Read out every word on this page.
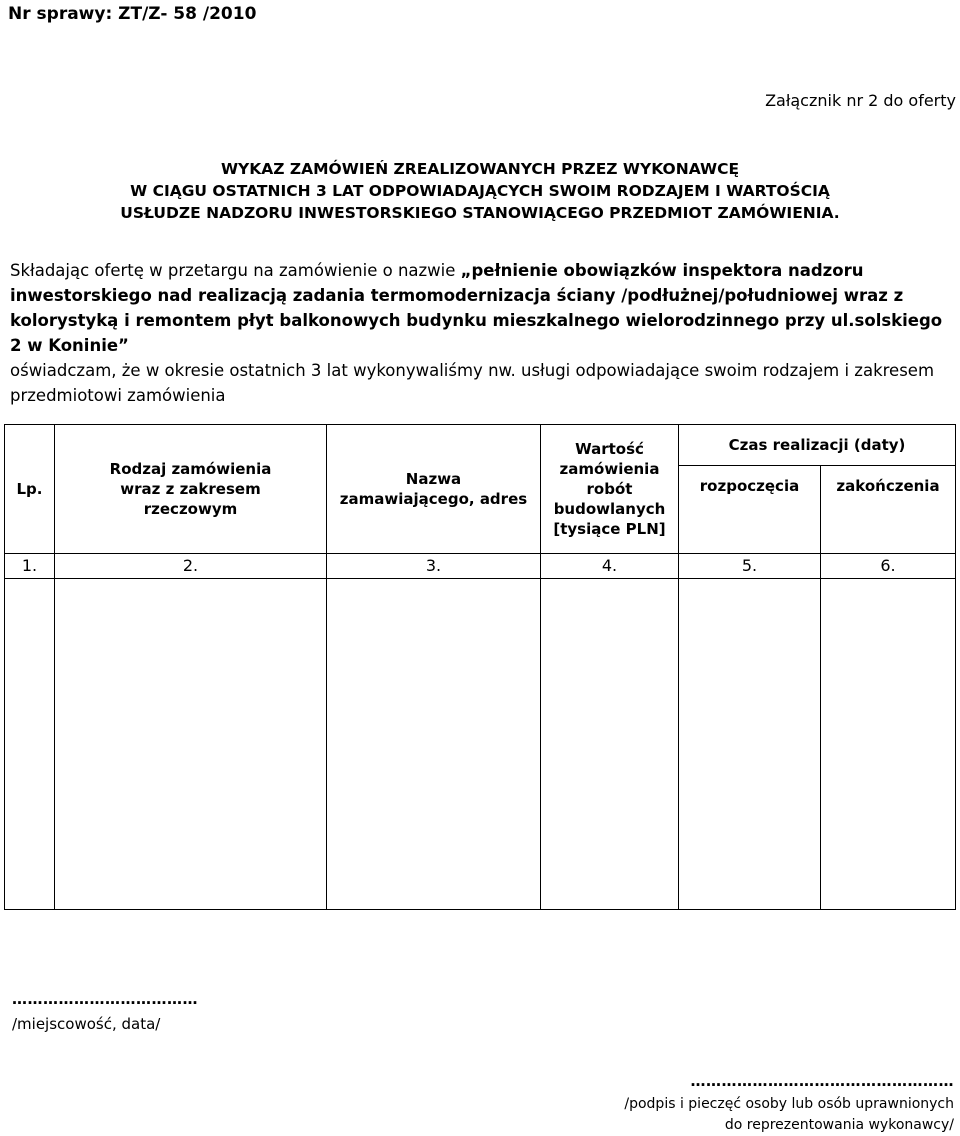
Nr sprawy: ZT/Z- 58 /2010
Załącznik nr 2 do oferty
WYKAZ ZAMÓWIEŃ ZREALIZOWANYCH PRZEZ WYKONAWCĘ
W CIĄGU OSTATNICH 3 LAT ODPOWIADAJĄCYCH SWOIM RODZAJEM I WARTOŚCIĄ
USŁUDZE NADZORU INWESTORSKIEGO STANOWIĄCEGO PRZEDMIOT ZAMÓWIENIA.
Składając ofertę w przetargu na zamówienie o nazwie „pełnienie obowiązków inspektora nadzoru inwestorskiego nad realizacją zadania termomodernizacja ściany /podłużnej/południowej wraz z kolorystyką i remontem płyt balkonowych budynku mieszkalnego wielorodzinnego przy ul.solskiego 2 w Koninie”
oświadczam, że w okresie ostatnich 3 lat wykonywaliśmy nw. usługi odpowiadające swoim rodzajem i zakresem przedmiotowi zamówienia
Lp.	Rodzaj zamówienia wraz z zakresem rzeczowym	Nazwa zamawiającego, adres	Wartość zamówienia robót budowlanych [tysiące PLN]	Czas realizacji (daty)	
				rozpoczęcia	zakończenia
1.	2.	3.	4.	5.	6.

………………………………
/miejscowość, data/
……………………………………………
/podpis i pieczęć osoby lub osób uprawnionych
do reprezentowania wykonawcy/
